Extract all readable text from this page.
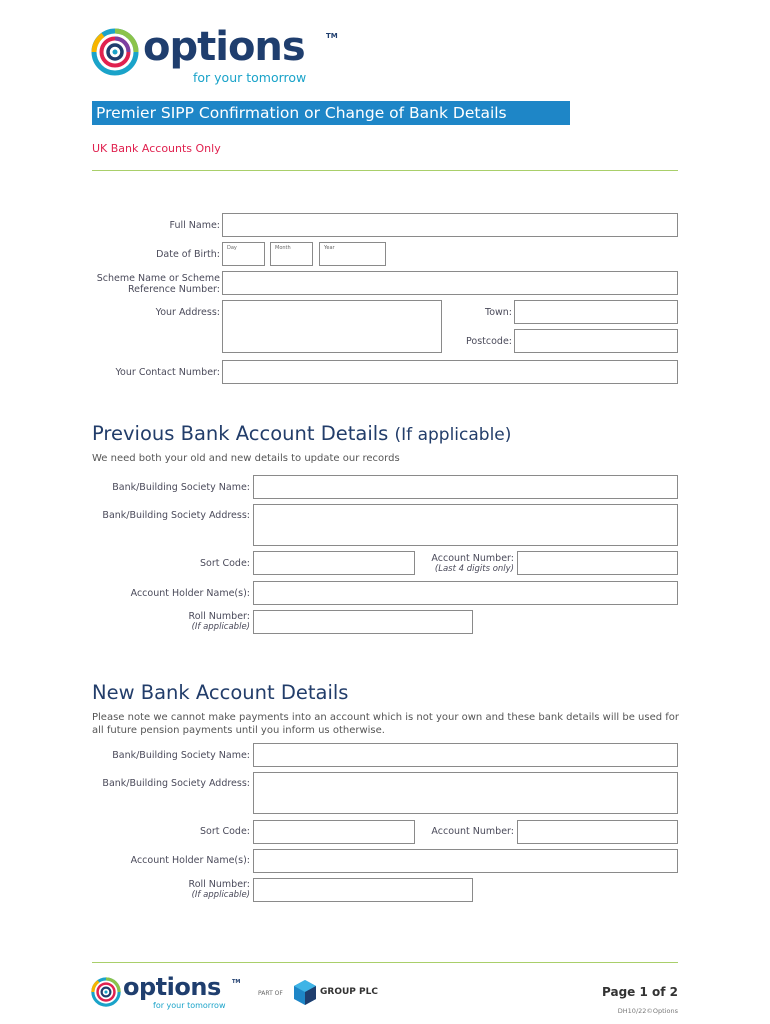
options	TM
for your tomorrow
Premier SIPP Confirmation or Change of Bank Details
UK Bank Accounts Only
Full Name:
Date of Birth:
Day	Month	Year
Scheme Name or Scheme
Reference Number:
Your Address:	Town:
Postcode:
Your Contact Number:
Previous Bank Account Details (If applicable)
We need both your old and new details to update our records
Bank/Building Society Name:
Bank/Building Society Address:
Sort Code:	Account Number:
(Last 4 digits only)
Account Holder Name(s):
Roll Number:
(If applicable)
New Bank Account Details
Please note we cannot make payments into an account which is not your own and these bank details will be used for all future pension payments until you inform us otherwise.
Bank/Building Society Name:
Bank/Building Society Address:
Sort Code:	Account Number:
Account Holder Name(s):
Roll Number:
(If applicable)
options TM
for your tomorrow
PART OF	GROUP PLC	Page 1 of 2
DH10/22©Options
